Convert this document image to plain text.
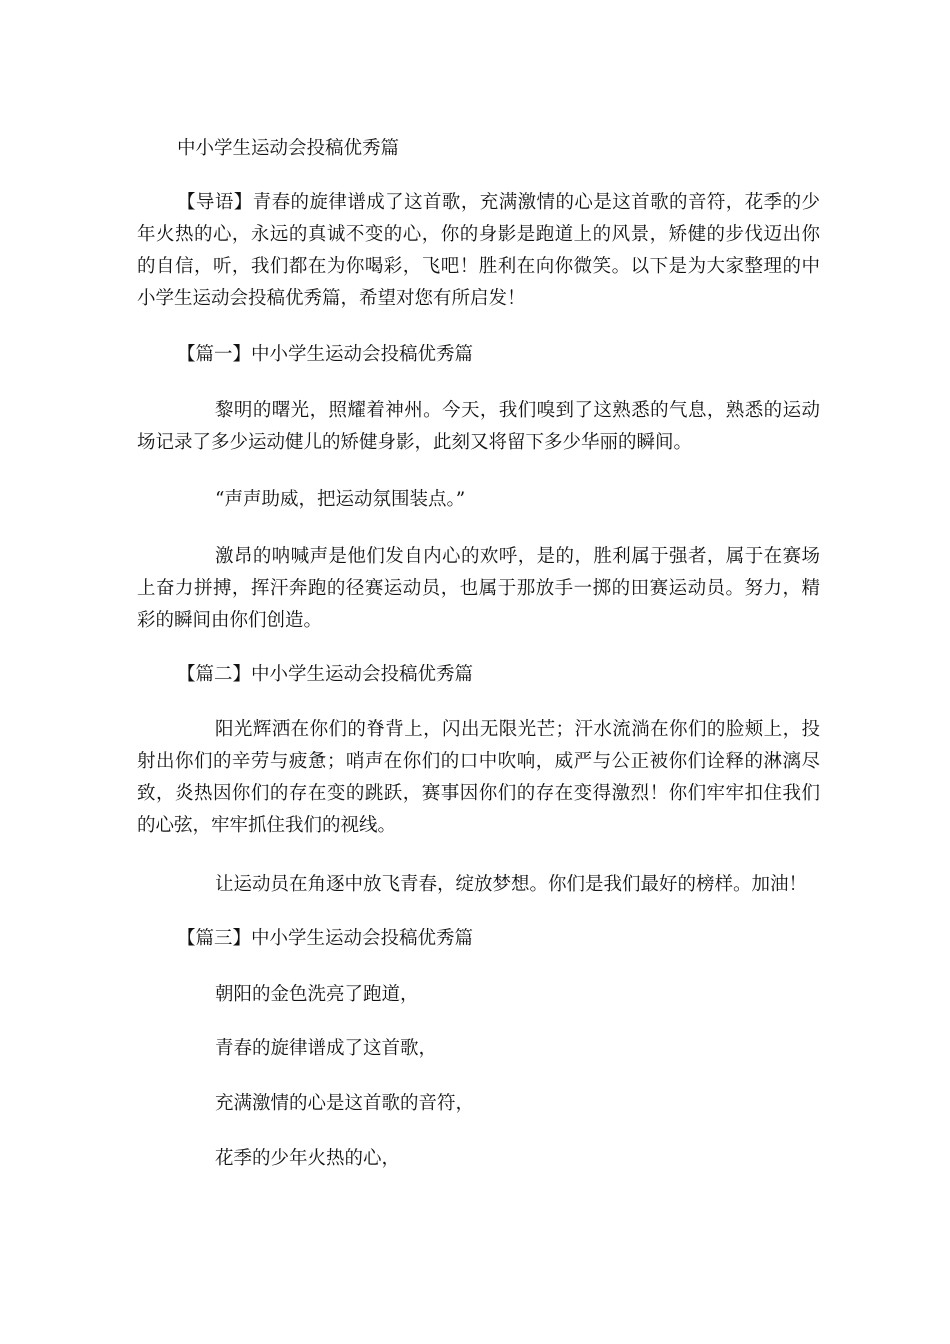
中小学生运动会投稿优秀篇

【导语】青春的旋律谱成了这首歌，充满激情的心是这首歌的音符，花季的少年火热的心，永远的真诚不变的心，你的身影是跑道上的风景，矫健的步伐迈出你的自信，听，我们都在为你喝彩，飞吧！胜利在向你微笑。以下是为大家整理的中小学生运动会投稿优秀篇，希望对您有所启发！

【篇一】中小学生运动会投稿优秀篇

黎明的曙光，照耀着神州。今天，我们嗅到了这熟悉的气息，熟悉的运动场记录了多少运动健儿的矫健身影，此刻又将留下多少华丽的瞬间。

“声声助威，把运动氛围装点。”

激昂的呐喊声是他们发自内心的欢呼，是的，胜利属于强者，属于在赛场上奋力拼搏，挥汗奔跑的径赛运动员，也属于那放手一掷的田赛运动员。努力，精彩的瞬间由你们创造。

【篇二】中小学生运动会投稿优秀篇

阳光辉洒在你们的脊背上，闪出无限光芒；汗水流淌在你们的脸颊上，投射出你们的辛劳与疲惫；哨声在你们的口中吹响，威严与公正被你们诠释的淋漓尽致，炎热因你们的存在变的跳跃，赛事因你们的存在变得激烈！你们牢牢扣住我们的心弦，牢牢抓住我们的视线。

让运动员在角逐中放飞青春，绽放梦想。你们是我们最好的榜样。加油！

【篇三】中小学生运动会投稿优秀篇

朝阳的金色洗亮了跑道，

青春的旋律谱成了这首歌，

充满激情的心是这首歌的音符，

花季的少年火热的心，
